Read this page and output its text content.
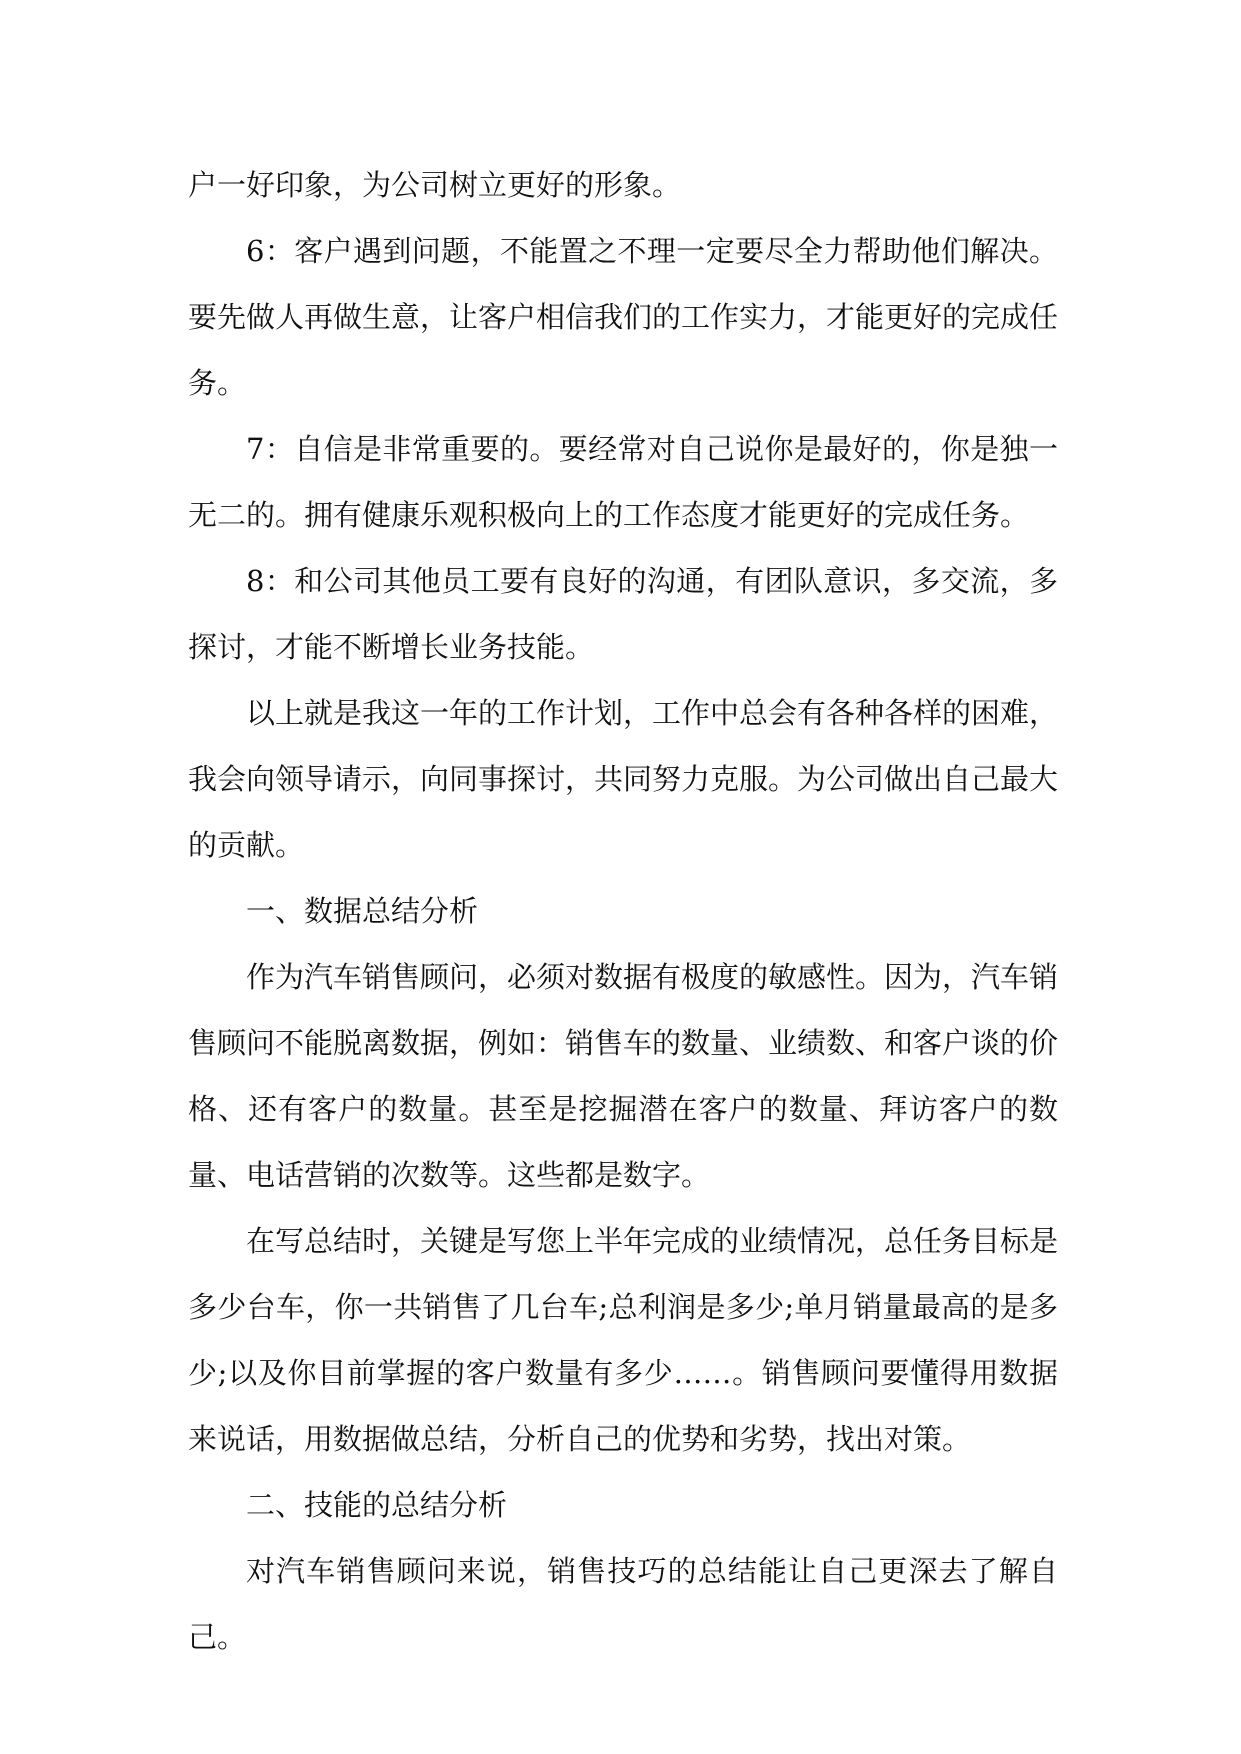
户一好印象，为公司树立更好的形象。

6：客户遇到问题，不能置之不理一定要尽全力帮助他们解决。要先做人再做生意，让客户相信我们的工作实力，才能更好的完成任务。

7：自信是非常重要的。要经常对自己说你是最好的，你是独一无二的。拥有健康乐观积极向上的工作态度才能更好的完成任务。

8：和公司其他员工要有良好的沟通，有团队意识，多交流，多探讨，才能不断增长业务技能。

以上就是我这一年的工作计划，工作中总会有各种各样的困难，我会向领导请示，向同事探讨，共同努力克服。为公司做出自己最大的贡献。

一、数据总结分析

作为汽车销售顾问，必须对数据有极度的敏感性。因为，汽车销售顾问不能脱离数据，例如：销售车的数量、业绩数、和客户谈的价格、还有客户的数量。甚至是挖掘潜在客户的数量、拜访客户的数量、电话营销的次数等。这些都是数字。

在写总结时，关键是写您上半年完成的业绩情况，总任务目标是多少台车，你一共销售了几台车;总利润是多少;单月销量最高的是多少;以及你目前掌握的客户数量有多少……。销售顾问要懂得用数据来说话，用数据做总结，分析自己的优势和劣势，找出对策。

二、技能的总结分析

对汽车销售顾问来说，销售技巧的总结能让自己更深去了解自己。
